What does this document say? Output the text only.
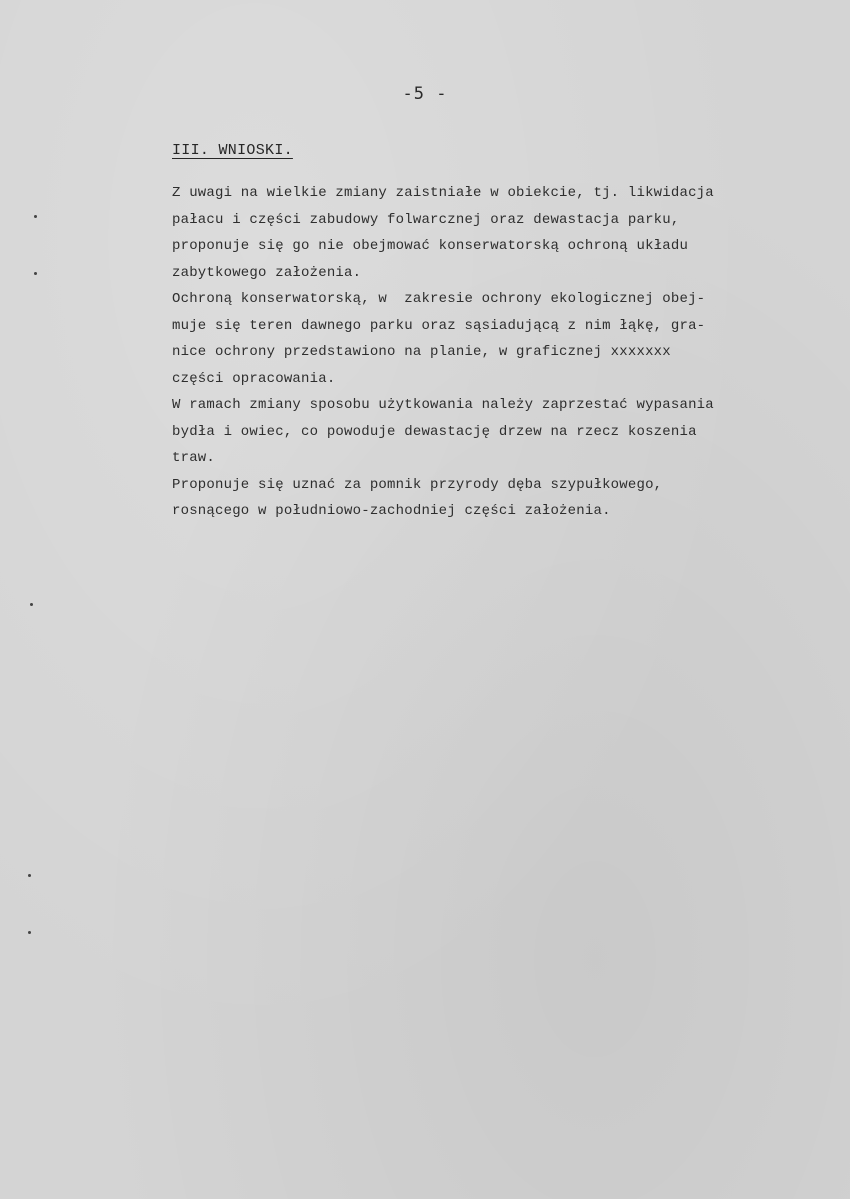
-5 -
III. WNIOSKI.
Z uwagi na wielkie zmiany zaistniałe w obiekcie, tj. likwidacja
pałacu i części zabudowy folwarcznej oraz dewastacja parku,
proponuje się go nie obejmować konserwatorską ochroną układu
zabytkowego założenia.
Ochroną konserwatorską, w  zakresie ochrony ekologicznej obej-
muje się teren dawnego parku oraz sąsiadującą z nim łąkę, gra-
nice ochrony przedstawiono na planie, w graficznej xxxxxxx
części opracowania.
W ramach zmiany sposobu użytkowania należy zaprzestać wypasania
bydła i owiec, co powoduje dewastację drzew na rzecz koszenia
traw.
Proponuje się uznać za pomnik przyrody dęba szypułkowego,
rosnącego w południowo-zachodniej części założenia.
